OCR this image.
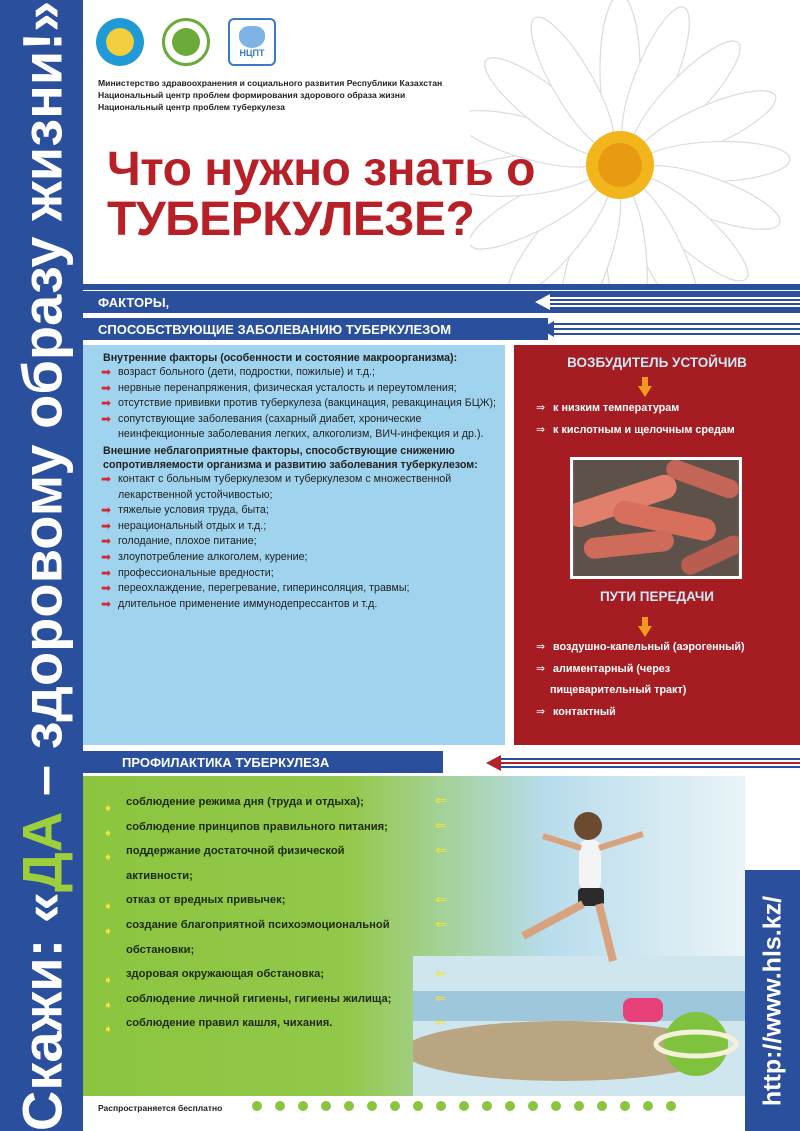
Скажи: «ДА – здоровому образу жизни!»	НЦПТ
Министерство здравоохранения и социального развития Республики Казахстан
Национальный центр проблем формирования здорового образа жизни
Национальный центр проблем туберкулеза
Что нужно знать о
ТУБЕРКУЛЕЗЕ?
ФАКТОРЫ,
СПОСОБСТВУЮЩИЕ ЗАБОЛЕВАНИЮ ТУБЕРКУЛЕЗОМ
Внутренние факторы (особенности и состояние макроорганизма):
➡ возраст больного (дети, подростки, пожилые) и т.д.;
➡ нервные перенапряжения, физическая усталость и переутомления;
➡ отсутствие прививки против туберкулеза (вакцинация, ревакцинация БЦЖ);
➡ сопутствующие заболевания (сахарный диабет, хронические неинфекционные заболевания легких, алкоголизм, ВИЧ-инфекция и др.).
Внешние неблагоприятные факторы, способствующие снижению сопротивляемости организма и развитию заболевания туберкулезом:
➡ контакт с больным туберкулезом и туберкулезом с множественной лекарственной устойчивостью;
➡ тяжелые условия труда, быта;
➡ нерациональный отдых и т.д.;
➡ голодание, плохое питание;
➡ злоупотребление алкоголем, курение;
➡ профессиональные вредности;
➡ переохлаждение, перегревание, гиперинсоляция, травмы;
➡ длительное применение иммунодепрессантов и т.д.
ВОЗБУДИТЕЛЬ УСТОЙЧИВ
⇒ к низким температурам
⇒ к кислотным и щелочным средам
ПУТИ ПЕРЕДАЧИ
⇒ воздушно-капельный (аэрогенный)
⇒ алиментарный (через
пищеварительный тракт)
⇒ контактный
ПРОФИЛАКТИКА ТУБЕРКУЛЕЗА
➧ соблюдение режима дня (труда и отдыха);
➧ соблюдение принципов правильного питания;
➧ поддержание достаточной физической
активности;
➧ отказ от вредных привычек;
➧ создание благоприятной психоэмоциональной
обстановки;
➧ здоровая окружающая обстановка;
➧ соблюдение личной гигиены, гигиены жилища;
➧ соблюдение правил кашля, чихания.
⇐
⇐
⇐
⇐
⇐
⇐
⇐
⇐	http://www.hls.kz/
Распространяется бесплатно
